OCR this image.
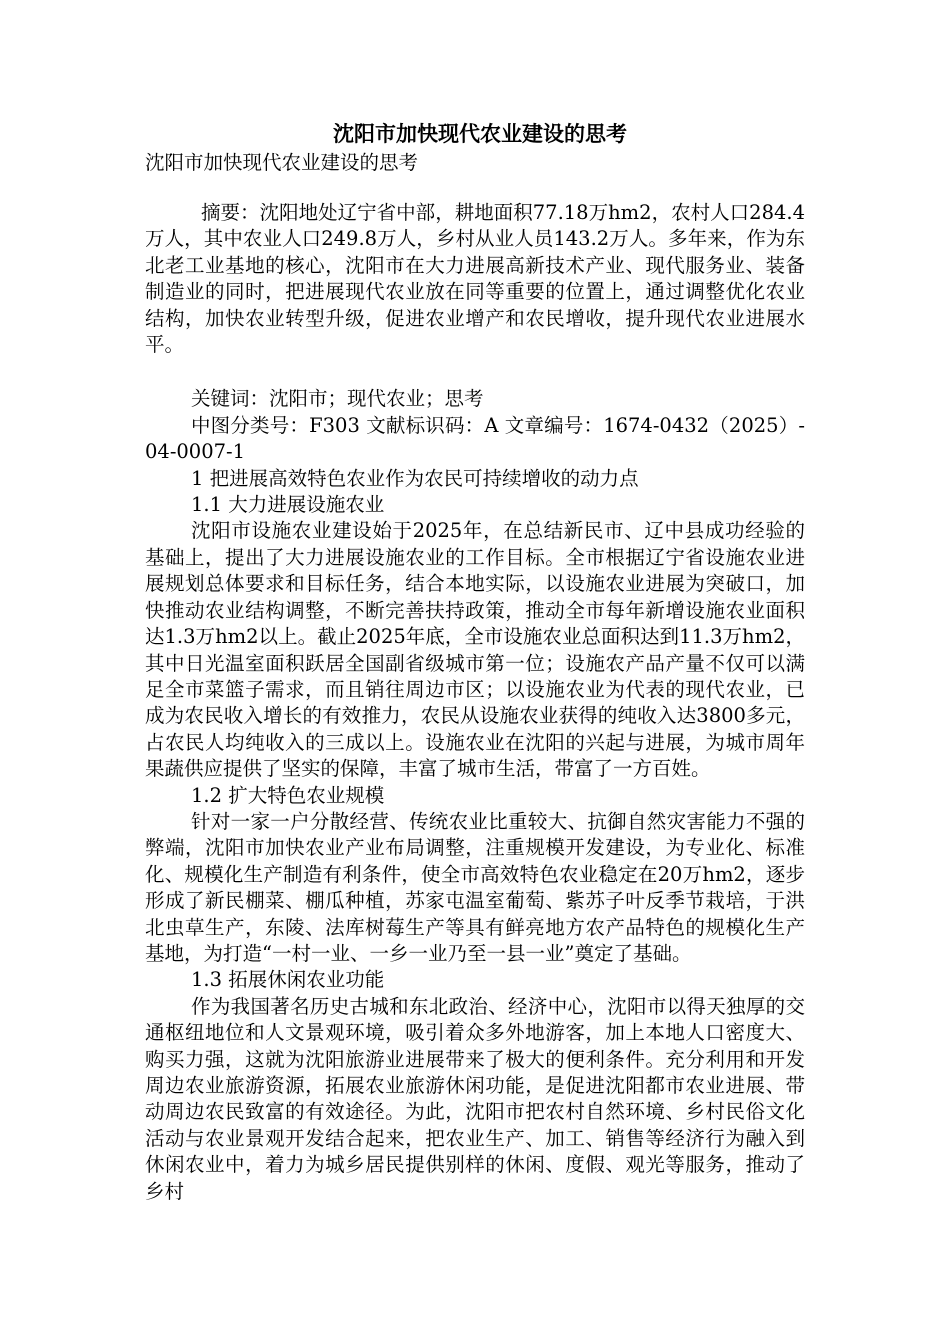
沈阳市加快现代农业建设的思考

沈阳市加快现代农业建设的思考

摘要：沈阳地处辽宁省中部，耕地面积77.18万hm2，农村人口284.4万人，其中农业人口249.8万人，乡村从业人员143.2万人。多年来，作为东北老工业基地的核心，沈阳市在大力进展高新技术产业、现代服务业、装备制造业的同时，把进展现代农业放在同等重要的位置上，通过调整优化农业结构，加快农业转型升级，促进农业增产和农民增收，提升现代农业进展水平。

关键词：沈阳市；现代农业；思考

中图分类号：F303 文献标识码：A 文章编号：1674-0432（2025）-04-0007-1

1 把进展高效特色农业作为农民可持续增收的动力点

1.1 大力进展设施农业

沈阳市设施农业建设始于2025年，在总结新民市、辽中县成功经验的基础上，提出了大力进展设施农业的工作目标。全市根据辽宁省设施农业进展规划总体要求和目标任务，结合本地实际，以设施农业进展为突破口，加快推动农业结构调整，不断完善扶持政策，推动全市每年新增设施农业面积达1.3万hm2以上。截止2025年底，全市设施农业总面积达到11.3万hm2，其中日光温室面积跃居全国副省级城市第一位；设施农产品产量不仅可以满足全市菜篮子需求，而且销往周边市区；以设施农业为代表的现代农业，已成为农民收入增长的有效推力，农民从设施农业获得的纯收入达3800多元，占农民人均纯收入的三成以上。设施农业在沈阳的兴起与进展，为城市周年果蔬供应提供了坚实的保障，丰富了城市生活，带富了一方百姓。

1.2 扩大特色农业规模

针对一家一户分散经营、传统农业比重较大、抗御自然灾害能力不强的弊端，沈阳市加快农业产业布局调整，注重规模开发建设，为专业化、标准化、规模化生产制造有利条件，使全市高效特色农业稳定在20万hm2，逐步形成了新民棚菜、棚瓜种植，苏家屯温室葡萄、紫苏子叶反季节栽培，于洪北虫草生产，东陵、法库树莓生产等具有鲜亮地方农产品特色的规模化生产基地，为打造“一村一业、一乡一业乃至一县一业”奠定了基础。

1.3 拓展休闲农业功能

作为我国著名历史古城和东北政治、经济中心，沈阳市以得天独厚的交通枢纽地位和人文景观环境，吸引着众多外地游客，加上本地人口密度大、购买力强，这就为沈阳旅游业进展带来了极大的便利条件。充分利用和开发周边农业旅游资源，拓展农业旅游休闲功能，是促进沈阳都市农业进展、带动周边农民致富的有效途径。为此，沈阳市把农村自然环境、乡村民俗文化活动与农业景观开发结合起来，把农业生产、加工、销售等经济行为融入到休闲农业中，着力为城乡居民提供别样的休闲、度假、观光等服务，推动了乡村
